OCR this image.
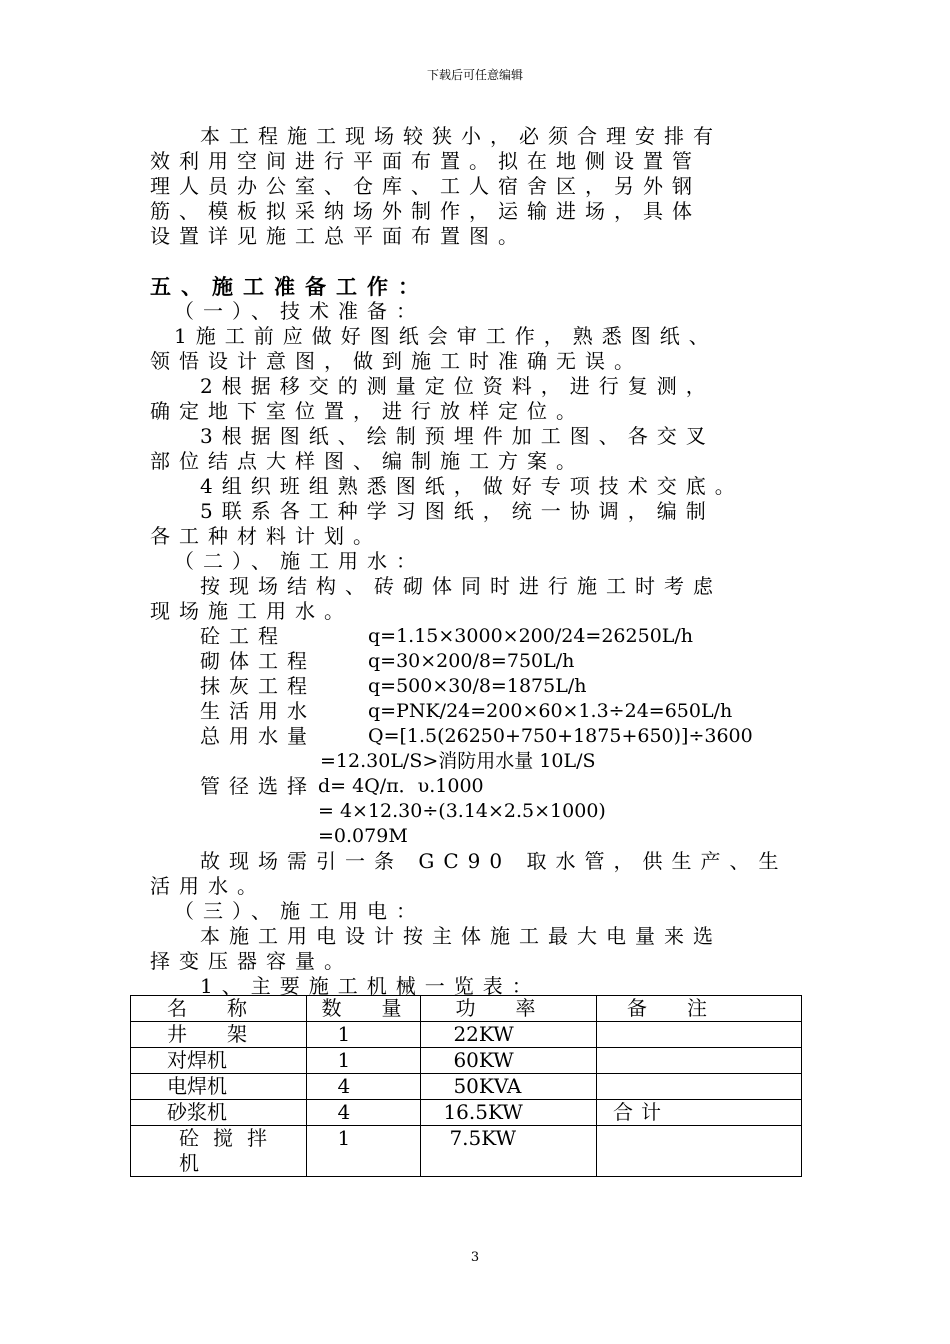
下载后可任意编辑
本工程施工现场较狭小，必须合理安排有
效利用空间进行平面布置。拟在地侧设置管
理人员办公室、仓库、工人宿舍区，另外钢
筋、模板拟采纳场外制作，运输进场，具体
设置详见施工总平面布置图。
五、施工准备工作：
（一）、技术准备：
1施工前应做好图纸会审工作，熟悉图纸、
领悟设计意图，做到施工时准确无误。
2根据移交的测量定位资料，进行复测，
确定地下室位置，进行放样定位。
3根据图纸、绘制预埋件加工图、各交叉
部位结点大样图、编制施工方案。
4组织班组熟悉图纸，做好专项技术交底。
5联系各工种学习图纸，统一协调，编制
各工种材料计划。
（二）、施工用水：
按现场结构、砖砌体同时进行施工时考虑
现场施工用水。
砼工程	q=1.15×3000×200/24=26250L/h
砌体工程	q=30×200/8=750L/h
抹灰工程	q=500×30/8=1875L/h
生活用水	q=PNK/24=200×60×1.3÷24=650L/h
总用水量	Q=[1.5(26250+750+1875+650)]÷3600
=12.30L/S>消防用水量 10L/S
管径选择 d= 4Q/π．υ.1000
= 4×12.30÷(3.14×2.5×1000)
=0.079M
故现场需引一条 GC90 取水管，供生产、生
活用水。
（三）、施工用电：
本施工用电设计按主体施工最大电量来选
择变压器容量。
1、主要施工机械一览表：
名　　称	数　　量	功　　率	备　　注
井　　架	1	22KW	
对焊机	1	60KW	
电焊机	4	50KVA	
砂浆机	4	16.5KW	合计
砼搅拌机	1	7.5KW	
3
